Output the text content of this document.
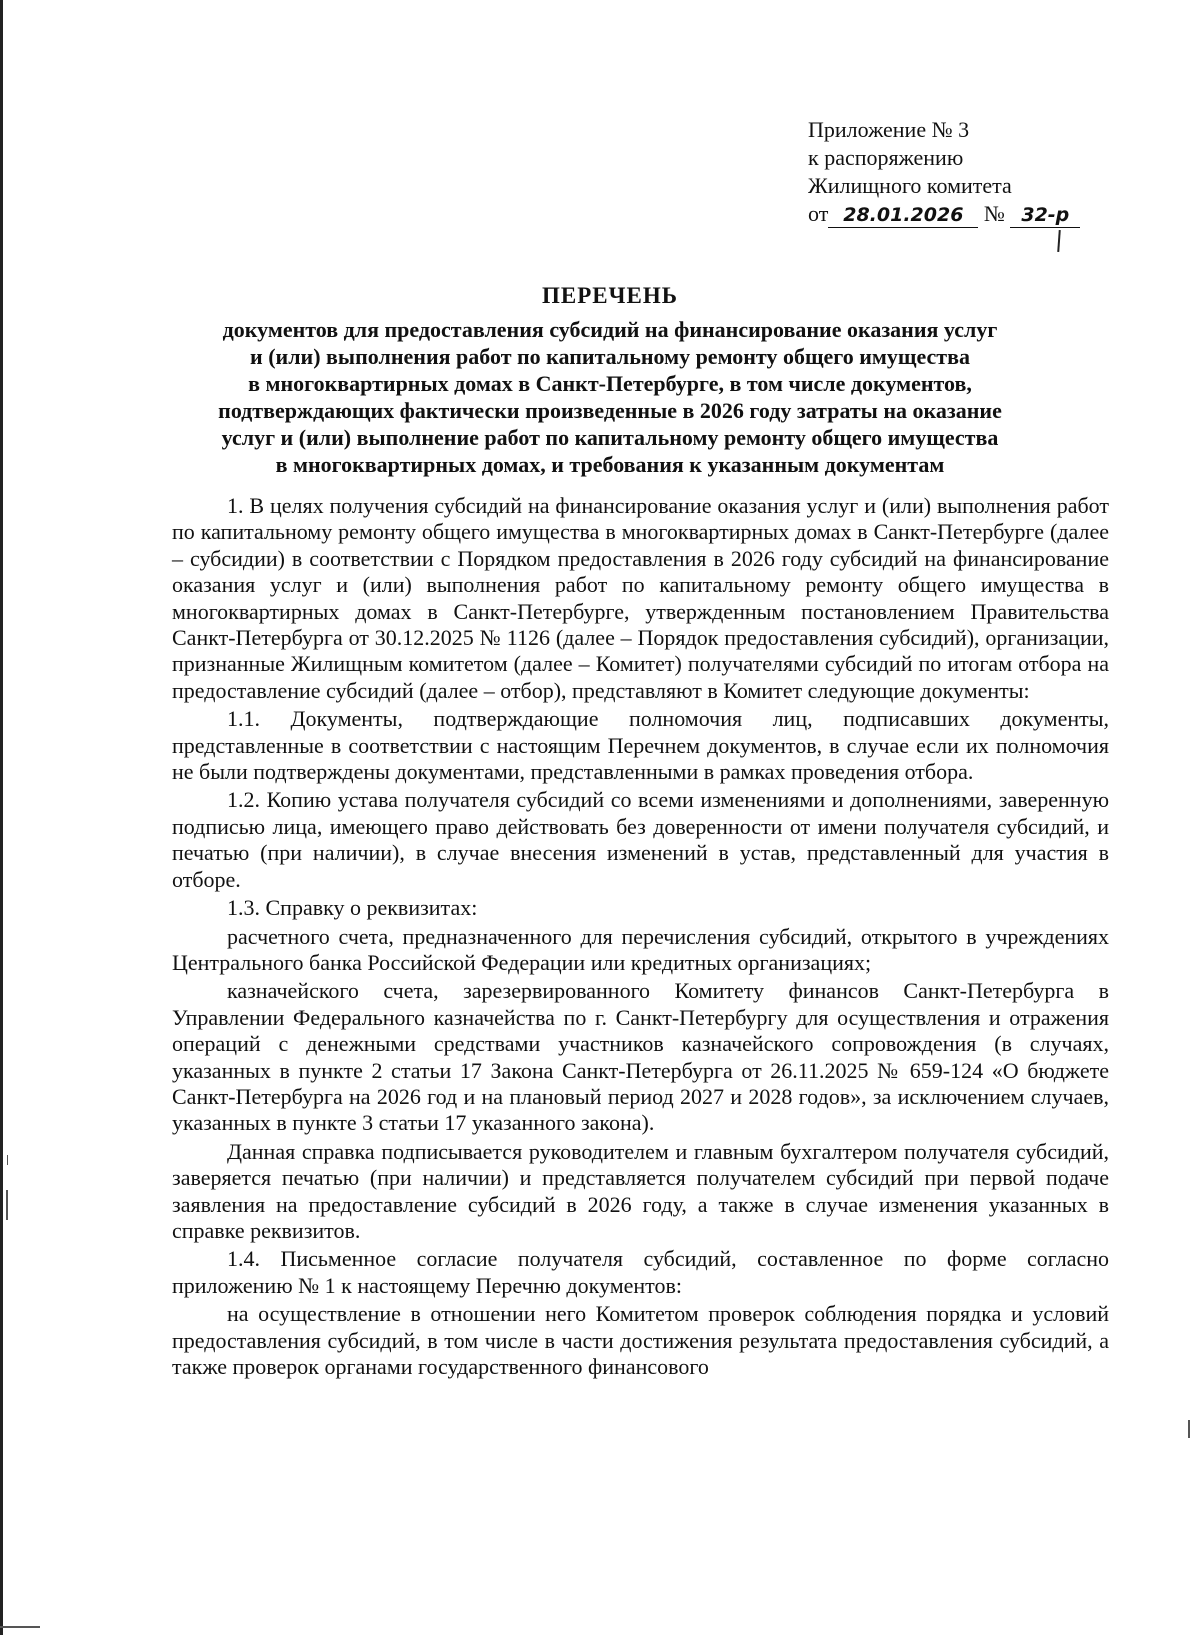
Приложение № 3
к распоряжению
Жилищного комитета
от 28.01.2026 № 32-р
ПЕРЕЧЕНЬ
документов для предоставления субсидий на финансирование оказания услуг
и (или) выполнения работ по капитальному ремонту общего имущества
в многоквартирных домах в Санкт-Петербурге, в том числе документов,
подтверждающих фактически произведенные в 2026 году затраты на оказание
услуг и (или) выполнение работ по капитальному ремонту общего имущества
в многоквартирных домах, и требования к указанным документам

1. В целях получения субсидий на финансирование оказания услуг и (или) выполнения работ по капитальному ремонту общего имущества в многоквартирных домах в Санкт-Петербурге (далее – субсидии) в соответствии с Порядком предоставления в 2026 году субсидий на финансирование оказания услуг и (или) выполнения работ по капитальному ремонту общего имущества в многоквартирных домах в Санкт-Петербурге, утвержденным постановлением Правительства Санкт-Петербурга от 30.12.2025 № 1126 (далее – Порядок предоставления субсидий), организации, признанные Жилищным комитетом (далее – Комитет) получателями субсидий по итогам отбора на предоставление субсидий (далее – отбор), представляют в Комитет следующие документы:

1.1. Документы, подтверждающие полномочия лиц, подписавших документы, представленные в соответствии с настоящим Перечнем документов, в случае если их полномочия не были подтверждены документами, представленными в рамках проведения отбора.

1.2. Копию устава получателя субсидий со всеми изменениями и дополнениями, заверенную подписью лица, имеющего право действовать без доверенности от имени получателя субсидий, и печатью (при наличии), в случае внесения изменений в устав, представленный для участия в отборе.

1.3. Справку о реквизитах:

расчетного счета, предназначенного для перечисления субсидий, открытого в учреждениях Центрального банка Российской Федерации или кредитных организациях;

казначейского счета, зарезервированного Комитету финансов Санкт-Петербурга в Управлении Федерального казначейства по г. Санкт-Петербургу для осуществления и отражения операций с денежными средствами участников казначейского сопровождения (в случаях, указанных в пункте 2 статьи 17 Закона Санкт-Петербурга от 26.11.2025 № 659-124 «О бюджете Санкт-Петербурга на 2026 год и на плановый период 2027 и 2028 годов», за исключением случаев, указанных в пункте 3 статьи 17 указанного закона).

Данная справка подписывается руководителем и главным бухгалтером получателя субсидий, заверяется печатью (при наличии) и представляется получателем субсидий при первой подаче заявления на предоставление субсидий в 2026 году, а также в случае изменения указанных в справке реквизитов.

1.4. Письменное согласие получателя субсидий, составленное по форме согласно приложению № 1 к настоящему Перечню документов:

на осуществление в отношении него Комитетом проверок соблюдения порядка и условий предоставления субсидий, в том числе в части достижения результата предоставления субсидий, а также проверок органами государственного финансового
